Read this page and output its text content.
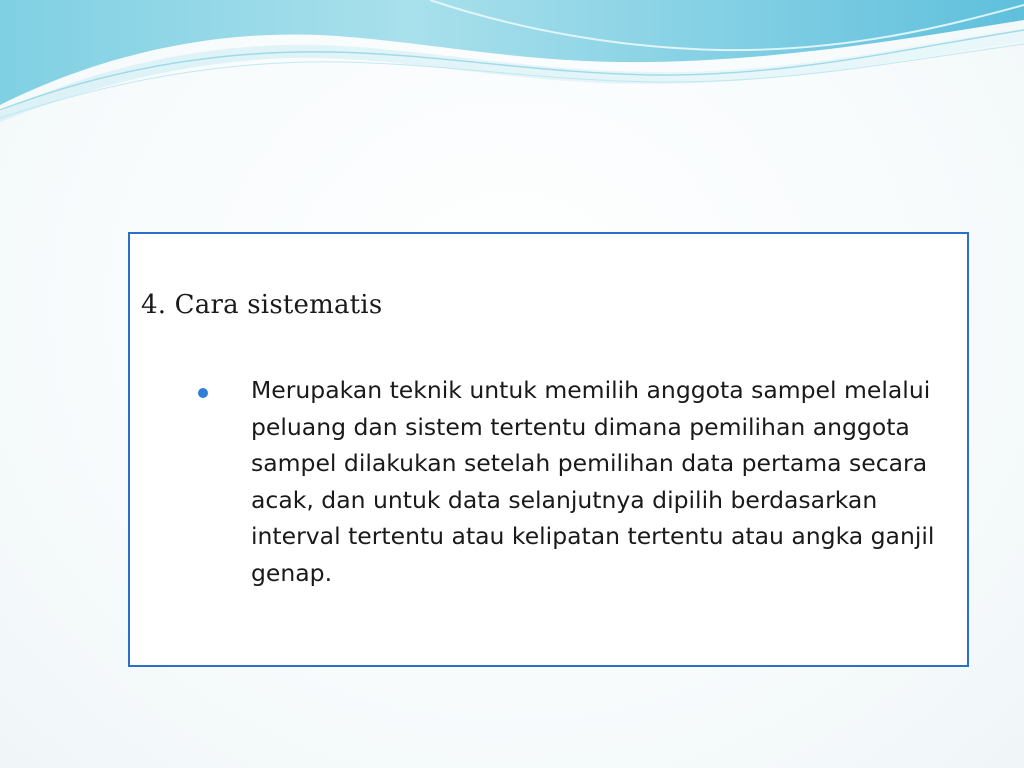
4. Cara sistematis
Merupakan teknik untuk memilih anggota sampel melalui peluang dan sistem tertentu dimana pemilihan anggota sampel dilakukan setelah pemilihan data pertama secara acak, dan untuk data selanjutnya dipilih berdasarkan interval tertentu atau kelipatan tertentu atau angka ganjil genap.
